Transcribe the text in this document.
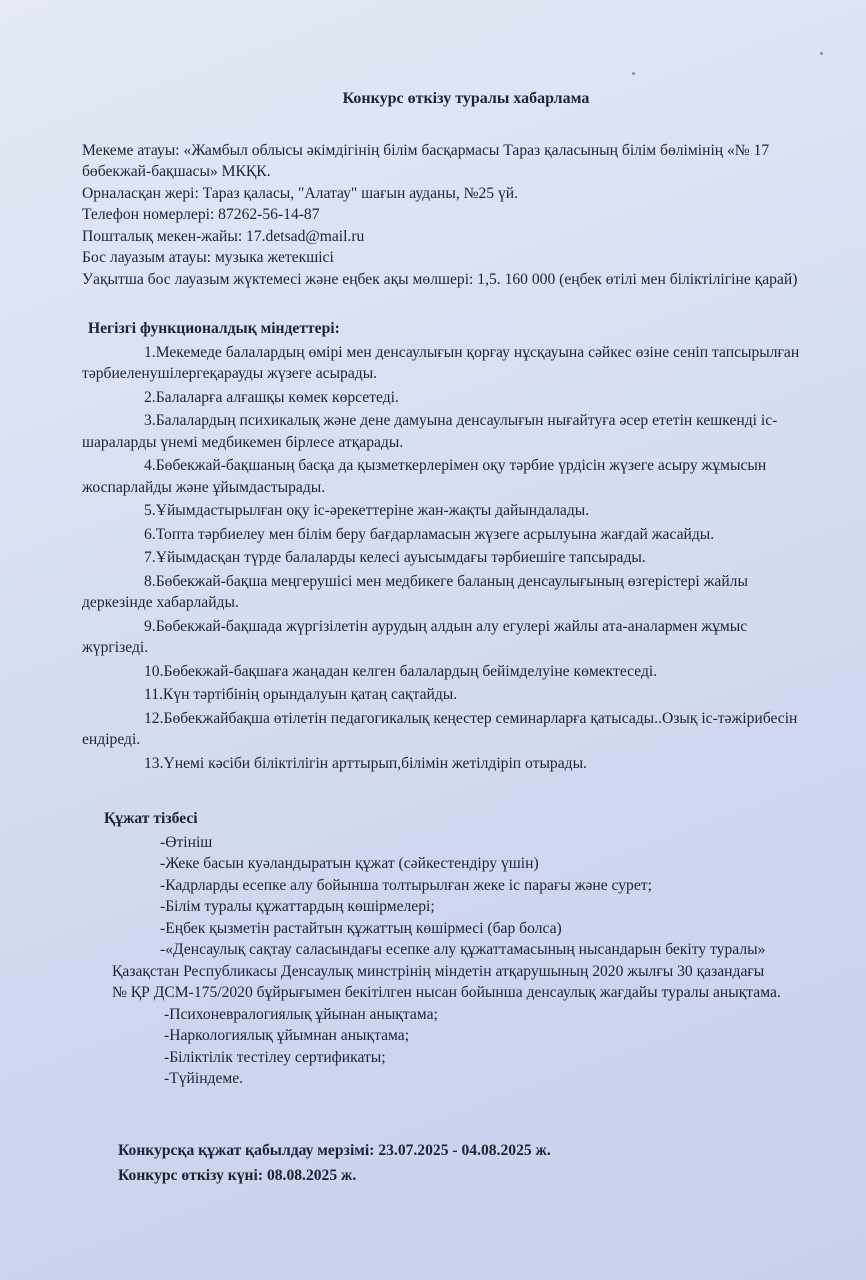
Конкурс өткізу туралы хабарлама

Мекеме атауы: «Жамбыл облысы әкімдігінің білім басқармасы Тараз қаласының білім бөлімінің «№ 17 бөбекжай-бақшасы» МКҚК.

Орналасқан жері: Тараз қаласы, "Алатау" шағын ауданы, №25 үй.

Телефон номерлері: 87262-56-14-87

Пошталық мекен-жайы: 17.detsad@mail.ru

Бос лауазым атауы: музыка жетекшісі

Уақытша бос лауазым жүктемесі және еңбек ақы мөлшері: 1,5. 160 000 (еңбек өтілі мен біліктілігіне қарай)

Негізгі функционалдық міндеттері:

1.Мекемеде балалардың өмірі мен денсаулығын қорғау нұсқауына сәйкес өзіне сеніп тапсырылған тәрбиеленушілергеқарауды жүзеге асырады.

2.Балаларға алғашқы көмек көрсетеді.

3.Балалардың психикалық және дене дамуына денсаулығын нығайтуға әсер ететін кешкенді іс-шараларды үнемі медбикемен бірлесе атқарады.

4.Бөбекжай-бақшаның басқа да қызметкерлерімен оқу тәрбие үрдісін жүзеге асыру жұмысын жоспарлайды және ұйымдастырады.

5.Ұйымдастырылған оқу іс-әрекеттеріне жан-жақты дайындалады.

6.Топта тәрбиелеу мен білім беру бағдарламасын жүзеге асрылуына жағдай жасайды.

7.Ұйымдасқан түрде балаларды келесі ауысымдағы тәрбиешіге тапсырады.

8.Бөбекжай-бақша меңгерушісі мен медбикеге баланың денсаулығының өзгерістері жайлы деркезінде хабарлайды.

9.Бөбекжай-бақшада жүргізілетін аурудың алдын алу егулері жайлы ата-аналармен жұмыс жүргізеді.

10.Бөбекжай-бақшаға жаңадан келген балалардың бейімделуіне көмектеседі.

11.Күн тәртібінің орындалуын қатаң сақтайды.

12.Бөбекжайбақша өтілетін педагогикалық кеңестер семинарларға қатысады..Озық іс-тәжірибесін ендіреді.

13.Үнемі кәсіби біліктілігін арттырып,білімін жетілдіріп отырады.

Құжат тізбесі

-Өтініш

-Жеке басын куәландыратын құжат (сәйкестендіру үшін)

-Кадрларды есепке алу бойынша толтырылған жеке іс парағы және сурет;

-Білім туралы құжаттардың көшірмелері;

-Еңбек қызметін растайтын құжаттың көшірмесі (бар болса)

-«Денсаулық сақтау саласындағы есепке алу құжаттамасының нысандарын бекіту туралы» Қазақстан Республикасы Денсаулық минстрінің міндетін атқарушының 2020 жылғы 30 қазандағы

№ ҚР ДСМ-175/2020 бұйрығымен бекітілген нысан бойынша денсаулық жағдайы туралы анықтама.

-Психоневралогиялық ұйынан анықтама;

-Наркологиялық ұйымнан анықтама;

-Біліктілік тестілеу сертификаты;

-Түйіндеме.

Конкурсқа құжат қабылдау мерзімі: 23.07.2025 - 04.08.2025 ж.

Конкурс өткізу күні: 08.08.2025 ж.
